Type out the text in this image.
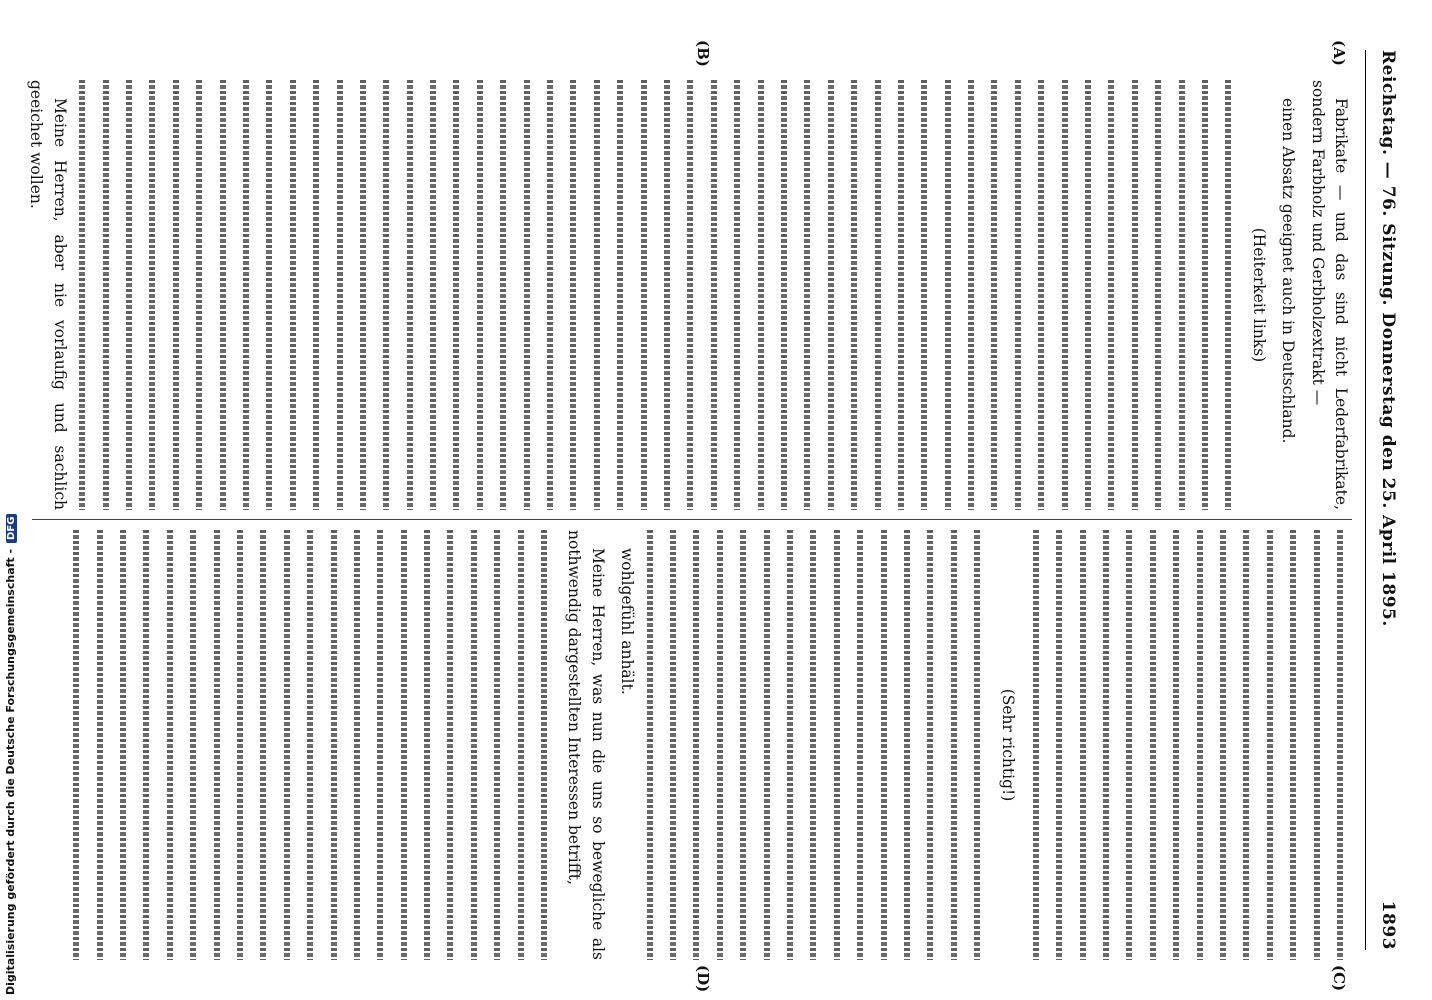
Reichstag. — 76. Sitzung. Donnerstag den 25. April 1895.
1893
(A)
(B)
(C)
(D)

Fabrikate — und das sind nicht Lederfabrikate, sondern Farbholz und Gerbholzextrakt —

einen Absatz geeignet auch in Deutschland.

(Heiterkeit links)

Meine Herren, aber nie vorlaufig und sachlich geeichet wollen.

(Sehr richtig!)

wohlgefühl anhält.

Meine Herren, was nun die uns so bewegliche als nothwendig dargestellten Interessen betrifft,

Digitalisierung gefördert durch die Deutsche Forschungsgemeinschaft -DFG
